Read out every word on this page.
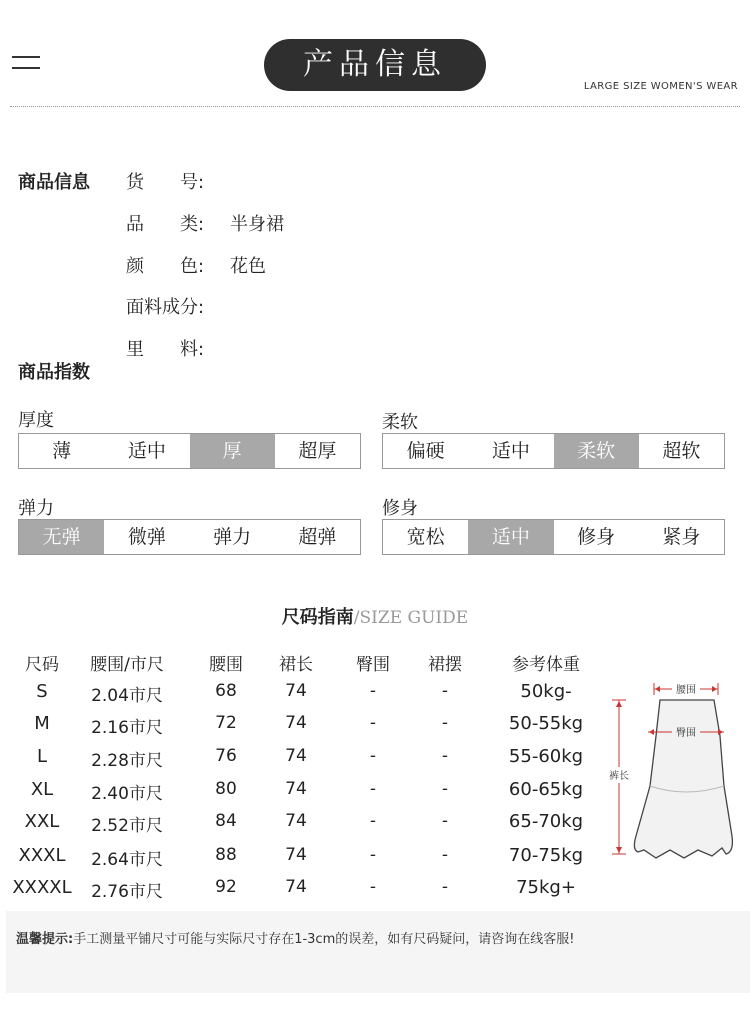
产品信息
LARGE SIZE WOMEN'S WEAR
商品信息 货　　号:
品　　类: 半身裙
颜　　色: 花色
面料成分:
里　　料:
商品指数
厚度
薄	适中	厚	超厚
柔软
偏硬	适中	柔软	超软
弹力
无弹	微弹	弹力	超弹
修身
宽松	适中	修身	紧身
尺码指南/SIZE GUIDE
尺码	腰围/市尺	腰围	裙长	臀围	裙摆	参考体重
S	2.04市尺	68	74	-	-	50kg-
M	2.16市尺	72	74	-	-	50-55kg
L	2.28市尺	76	74	-	-	55-60kg
XL	2.40市尺	80	74	-	-	60-65kg
XXL	2.52市尺	84	74	-	-	65-70kg
XXXL	2.64市尺	88	74	-	-	70-75kg
XXXXL	2.76市尺	92	74	-	-	75kg+
腰围
臀围
裤长
温馨提示:手工测量平铺尺寸可能与实际尺寸存在1-3cm的误差，如有尺码疑问，请咨询在线客服!
